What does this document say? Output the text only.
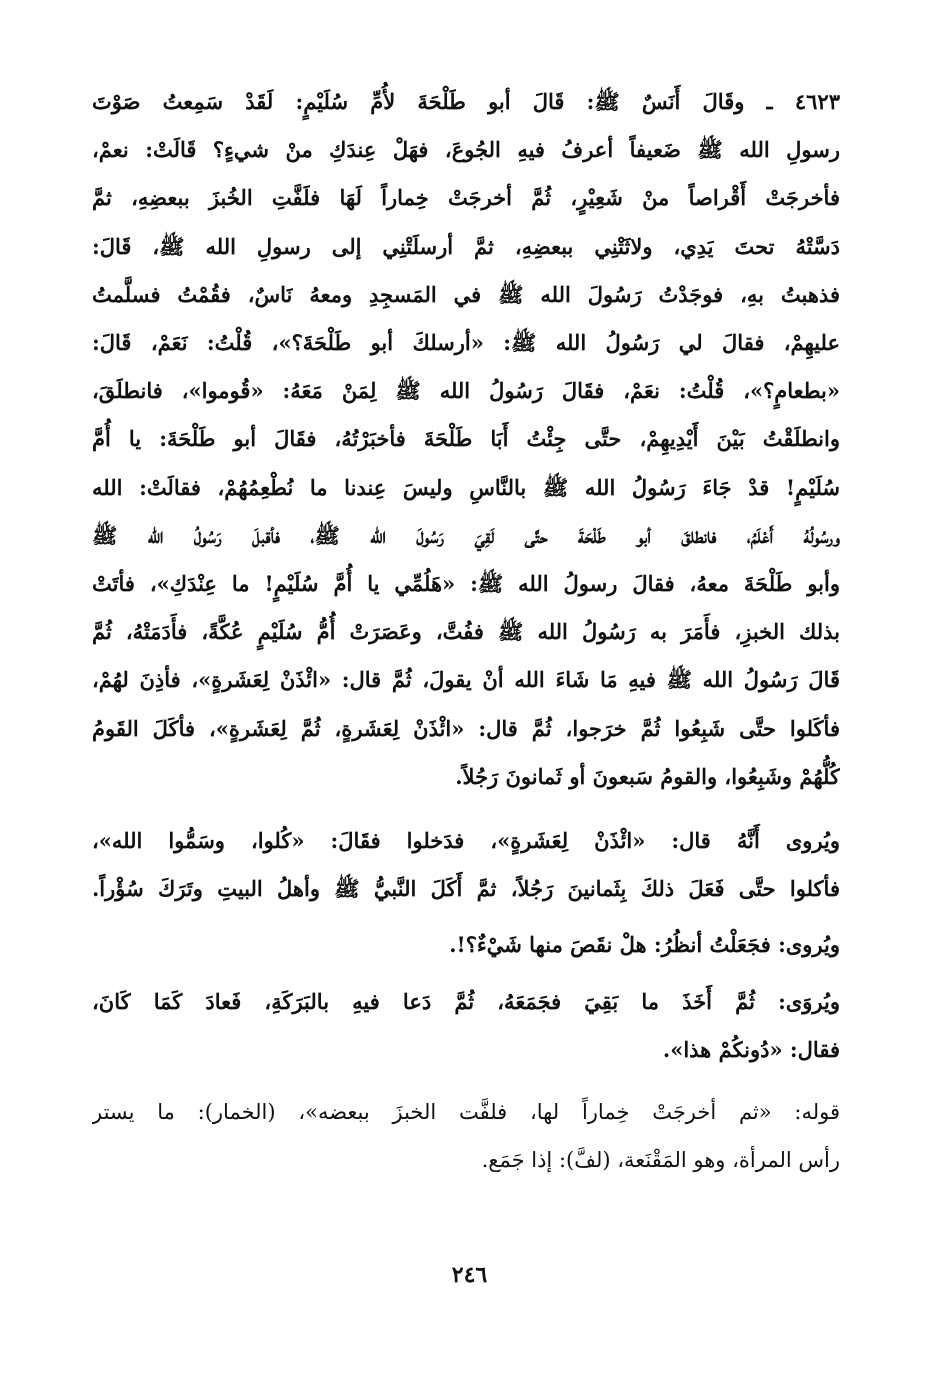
٤٦٢٣ ـ وقَالَ أَنَسٌ ﷺ: قَالَ أبو طَلْحَةَ لأُمِّ سُلَيْمٍ: لَقَدْ سَمِعتُ صَوْتَ
رسولِ الله ﷺ ضَعيفاً أعرفُ فيهِ الجُوعَ، فهَلْ عِندَكِ منْ شيءٍ؟ قَالَتْ: نعمْ،
فأخرجَتْ أَقْراصاً منْ شَعِيْرٍ، ثُمَّ أخرجَتْ خِماراً لَهَا فلَفَّتِ الخُبزَ ببعضِهِ، ثمَّ
دَسَّتْهُ تحتَ يَدِي، ولاثَتْنِي ببعضِهِ، ثمَّ أرسلَتْنِي إلى رسولِ الله ﷺ، قَالَ:
فذهبتُ بهِ، فوجَدْتُ رَسُولَ الله ﷺ في المَسجِدِ ومعهُ نَاسٌ، فقُمْتُ فسلَّمتُ
عليهِمْ، فقالَ لي رَسُولُ الله ﷺ: «أرسلكَ أبو طَلْحَةَ؟»، قُلْتُ: نَعَمْ، قَالَ:
«بطعامٍ؟»، قُلْتُ: نعَمْ، فقَالَ رَسُولُ الله ﷺ لِمَنْ مَعَهُ: «قُوموا»، فانطلَقَ،
وانطلَقْتُ بَيْنَ أَيْدِيهِمْ، حتَّى جِئْتُ أَبَا طَلْحَةَ فأخبَرْتُهُ، فقَالَ أبو طَلْحَةَ: يا أُمَّ
سُلَيْمٍ! قدْ جَاءَ رَسُولُ الله ﷺ بالنَّاسِ وليسَ عِندنا ما نُطْعِمُهُمْ، فقالَتْ: الله
ورسُولُهُ أَعْلَمُ، فانطلقَ أبو طَلْحَةَ حتَّى لَقِيَ رَسُولَ الله ﷺ، فأقبلَ رَسُولُ الله ﷺ
وأبو طَلْحَةَ معهُ، فقالَ رسولُ الله ﷺ: «هَلُمِّي يا أُمَّ سُلَيْمٍ! ما عِنْدَكِ»، فأتَتْ
بذلك الخبزِ، فأَمَرَ به رَسُولُ الله ﷺ ففُتَّ، وعَصَرَتْ أُمُّ سُلَيْمٍ عُكَّةً، فأَدَمَتْهُ، ثُمَّ
قَالَ رَسُولُ الله ﷺ فيهِ مَا شَاءَ الله أنْ يقولَ، ثُمَّ قال: «ائْذَنْ لِعَشَرةٍ»، فأذِنَ لهُمْ،
فأكَلوا حتَّى شَبِعُوا ثُمَّ خرَجوا، ثُمَّ قال: «ائْذَنْ لِعَشَرةٍ، ثُمَّ لِعَشَرةٍ»، فأكَلَ القَومُ
كُلُّهُمْ وشَبِعُوا، والقومُ سَبعونَ أو ثَمانونَ رَجُلاً.

ويُروى أَنَّهُ قال: «ائْذَنْ لِعَشَرةٍ»، فدَخلوا فقَالَ: «كُلوا، وسَمُّوا الله»،
فأكلوا حتَّى فَعَلَ ذلكَ بِثَمانينَ رَجُلاً، ثمَّ أَكَلَ النَّبيُّ ﷺ وأهلُ البيتِ وتَرَكَ سُؤْراً.

ويُروى: فجَعَلْتُ أنظُرُ: هلْ نقَصَ منها شَيْءٌ؟!.

ويُروَى: ثُمَّ أَخَذَ ما بَقِيَ فجَمَعَهُ، ثُمَّ دَعا فيهِ بالبَرَكَةِ، فَعادَ كَمَا كَانَ،
فقال: «دُونكُمْ هذا».

قوله: «ثم أخرجَتْ خِماراً لها، فلفَّت الخبزَ ببعضه»، (الخمار): ما يستر
رأس المرأة، وهو المَقْنَعة، (لفَّ): إذا جَمَع.

٢٤٦
